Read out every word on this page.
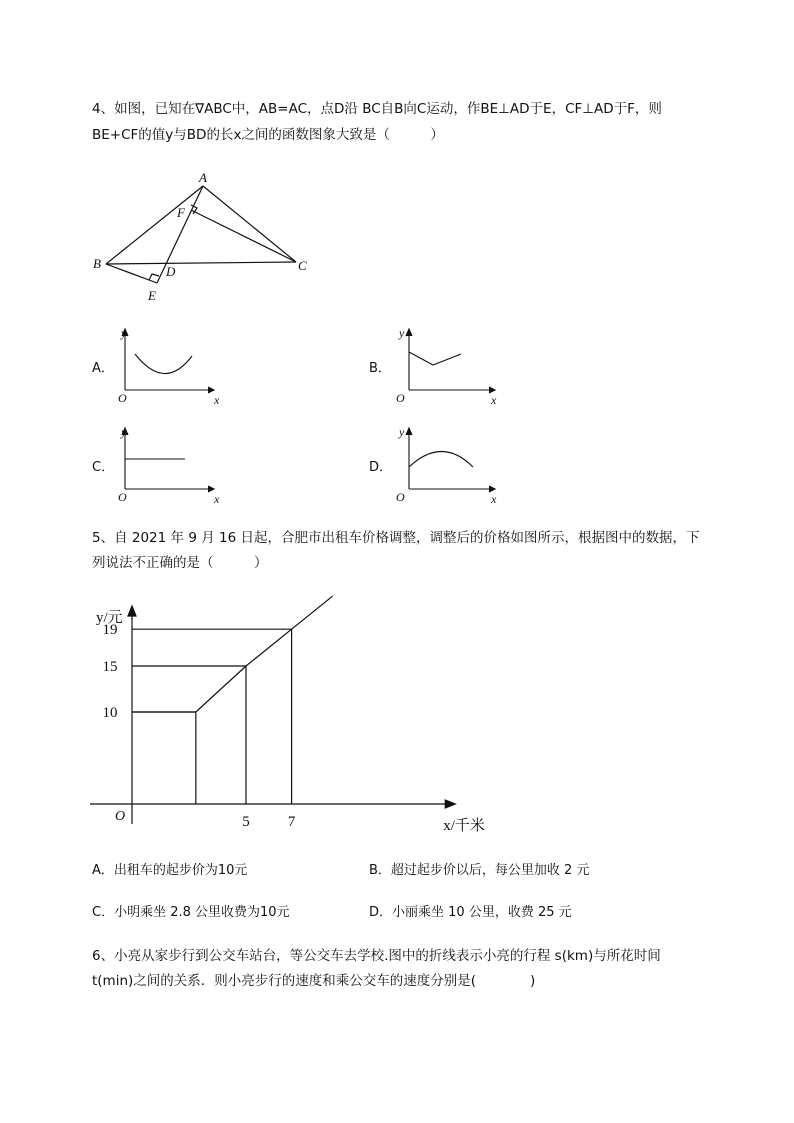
4、如图，已知在∇ABC中，AB=AC，点D沿 BC自B向C运动，作BE⊥AD于E，CF⊥AD于F，则
BE+CF的值y与BD的长x之间的函数图象大致是（　　　）
A
F
B
D	C
E
A．	B．
C．	D．
y
x
O
y
x
O
y
x
O
y
x
O
5、自 2021 年 9 月 16 日起，合肥市出租车价格调整，调整后的价格如图所示，根据图中的数据，下
列说法不正确的是（　　　）
10
15
19
5	7
O
y/元
x/千米
A．出租车的起步价为10元	B．超过起步价以后，每公里加收 2 元
C．小明乘坐 2.8 公里收费为10元	D．小丽乘坐 10 公里，收费 25 元
6、小亮从家步行到公交车站台，等公交车去学校.图中的折线表示小亮的行程 s(km)与所花时间
t(min)之间的关系．则小亮步行的速度和乘公交车的速度分别是(　　　　)
